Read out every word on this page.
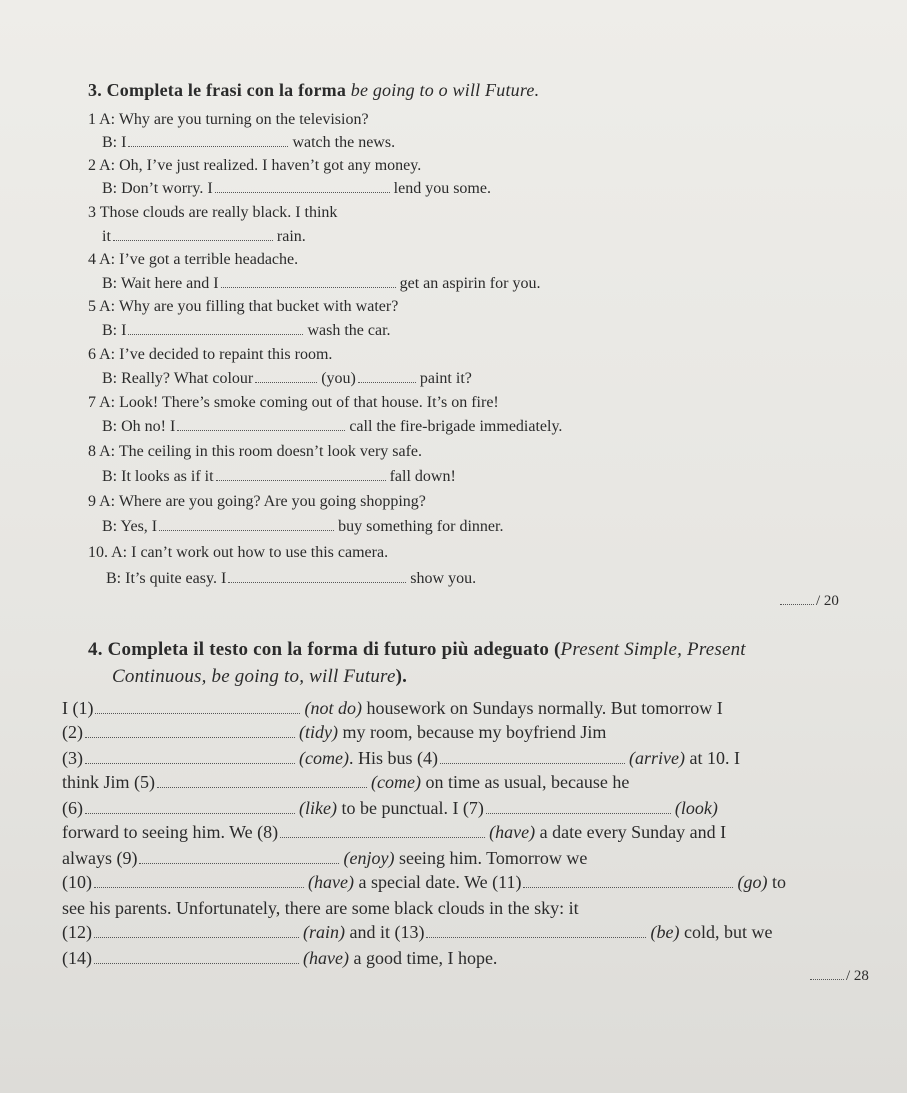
3. Completa le frasi con la forma be going to o will Future.
1 A: Why are you turning on the television?
B: I	watch the news.
2 A: Oh, I’ve just realized. I haven’t got any money.
B: Don’t worry. I	lend you some.
3 Those clouds are really black. I think
it	rain.
4 A: I’ve got a terrible headache.
B: Wait here and I	get an aspirin for you.
5 A: Why are you filling that bucket with water?
B: I	wash the car.
6 A: I’ve decided to repaint this room.
B: Really? What colour	(you)	paint it?
7 A: Look! There’s smoke coming out of that house. It’s on fire!
B: Oh no! I	call the fire-brigade immediately.
8 A: The ceiling in this room doesn’t look very safe.
B: It looks as if it	fall down!
9 A: Where are you going? Are you going shopping?
B: Yes, I	buy something for dinner.
10. A: I can’t work out how to use this camera.
B: It’s quite easy. I	show you.
/ 20
4. Completa il testo con la forma di futuro più adeguato (Present Simple, Present
Continuous, be going to, will Future).
I (1)	(not do) housework on Sundays normally. But tomorrow I
(2)	(tidy) my room, because my boyfriend Jim
(3)	(come). His bus (4)	(arrive) at 10. I
think Jim (5)	(come) on time as usual, because he
(6)	(like) to be punctual. I (7)	(look)
forward to seeing him. We (8)	(have) a date every Sunday and I
always (9)	(enjoy) seeing him. Tomorrow we
(10)	(have) a special date. We (11)	(go) to
see his parents. Unfortunately, there are some black clouds in the sky: it
(12)	(rain) and it (13)	(be) cold, but we
(14)	(have) a good time, I hope.
/ 28
